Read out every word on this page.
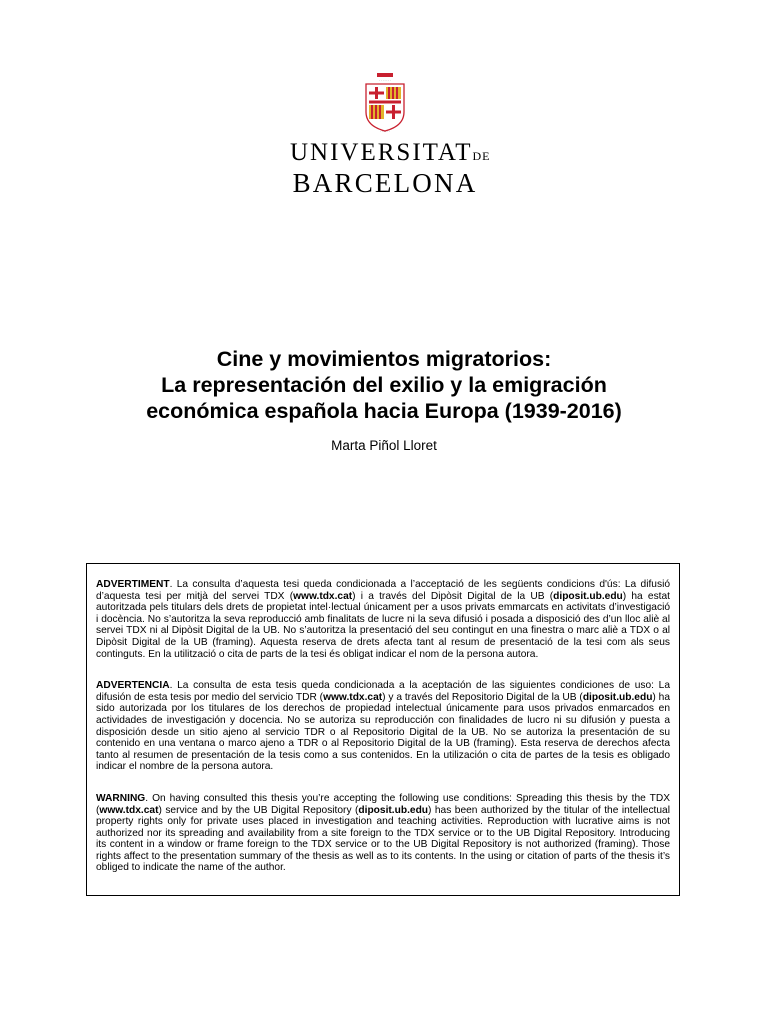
· · · · · · ·
· · · · · ·
UNIVERSITATDE
BARCELONA
Cine y movimientos migratorios:
La representación del exilio y la emigración
económica española hacia Europa (1939-2016)
Marta Piñol Lloret

ADVERTIMENT. La consulta d’aquesta tesi queda condicionada a l’acceptació de les següents condicions d'ús: La difusió d’aquesta tesi per mitjà del servei TDX (www.tdx.cat) i a través del Dipòsit Digital de la UB (diposit.ub.edu) ha estat autoritzada pels titulars dels drets de propietat intel·lectual únicament per a usos privats emmarcats en activitats d’investigació i docència. No s’autoritza la seva reproducció amb finalitats de lucre ni la seva difusió i posada a disposició des d’un lloc aliè al servei TDX ni al Dipòsit Digital de la UB. No s’autoritza la presentació del seu contingut en una finestra o marc aliè a TDX o al Dipòsit Digital de la UB (framing). Aquesta reserva de drets afecta tant al resum de presentació de la tesi com als seus continguts. En la utilització o cita de parts de la tesi és obligat indicar el nom de la persona autora.

ADVERTENCIA. La consulta de esta tesis queda condicionada a la aceptación de las siguientes condiciones de uso: La difusión de esta tesis por medio del servicio TDR (www.tdx.cat) y a través del Repositorio Digital de la UB (diposit.ub.edu) ha sido autorizada por los titulares de los derechos de propiedad intelectual únicamente para usos privados enmarcados en actividades de investigación y docencia. No se autoriza su reproducción con finalidades de lucro ni su difusión y puesta a disposición desde un sitio ajeno al servicio TDR o al Repositorio Digital de la UB. No se autoriza la presentación de su contenido en una ventana o marco ajeno a TDR o al Repositorio Digital de la UB (framing). Esta reserva de derechos afecta tanto al resumen de presentación de la tesis como a sus contenidos. En la utilización o cita de partes de la tesis es obligado indicar el nombre de la persona autora.

WARNING. On having consulted this thesis you’re accepting the following use conditions: Spreading this thesis by the TDX (www.tdx.cat) service and by the UB Digital Repository (diposit.ub.edu) has been authorized by the titular of the intellectual property rights only for private uses placed in investigation and teaching activities. Reproduction with lucrative aims is not authorized nor its spreading and availability from a site foreign to the TDX service or to the UB Digital Repository. Introducing its content in a window or frame foreign to the TDX service or to the UB Digital Repository is not authorized (framing). Those rights affect to the presentation summary of the thesis as well as to its contents. In the using or citation of parts of the thesis it’s obliged to indicate the name of the author.
